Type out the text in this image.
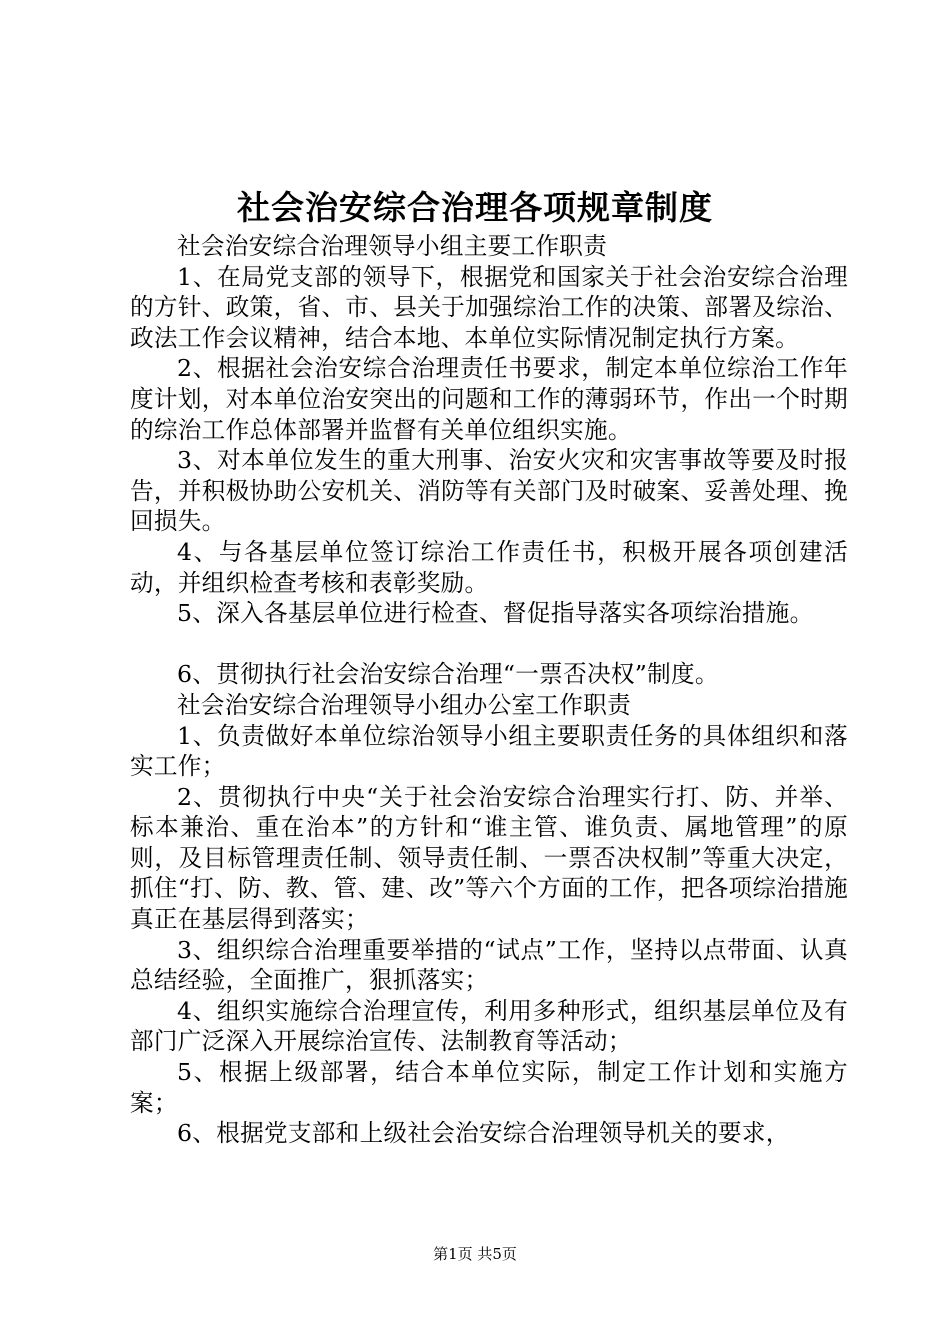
社会治安综合治理各项规章制度

社会治安综合治理领导小组主要工作职责

1、在局党支部的领导下，根据党和国家关于社会治安综合治理的方针、政策，省、市、县关于加强综治工作的决策、部署及综治、政法工作会议精神，结合本地、本单位实际情况制定执行方案。

2、根据社会治安综合治理责任书要求，制定本单位综治工作年度计划，对本单位治安突出的问题和工作的薄弱环节，作出一个时期的综治工作总体部署并监督有关单位组织实施。

3、对本单位发生的重大刑事、治安火灾和灾害事故等要及时报告，并积极协助公安机关、消防等有关部门及时破案、妥善处理、挽回损失。

4、与各基层单位签订综治工作责任书，积极开展各项创建活动，并组织检查考核和表彰奖励。

5、深入各基层单位进行检查、督促指导落实各项综治措施。

6、贯彻执行社会治安综合治理“一票否决权”制度。

社会治安综合治理领导小组办公室工作职责

1、负责做好本单位综治领导小组主要职责任务的具体组织和落实工作；

2、贯彻执行中央“关于社会治安综合治理实行打、防、并举、标本兼治、重在治本”的方针和“谁主管、谁负责、属地管理”的原则，及目标管理责任制、领导责任制、一票否决权制”等重大决定，抓住“打、防、教、管、建、改”等六个方面的工作，把各项综治措施真正在基层得到落实；

3、组织综合治理重要举措的“试点”工作，坚持以点带面、认真总结经验，全面推广，狠抓落实；

4、组织实施综合治理宣传，利用多种形式，组织基层单位及有部门广泛深入开展综治宣传、法制教育等活动；

5、根据上级部署，结合本单位实际，制定工作计划和实施方案；

6、根据党支部和上级社会治安综合治理领导机关的要求，

第1页 共5页
